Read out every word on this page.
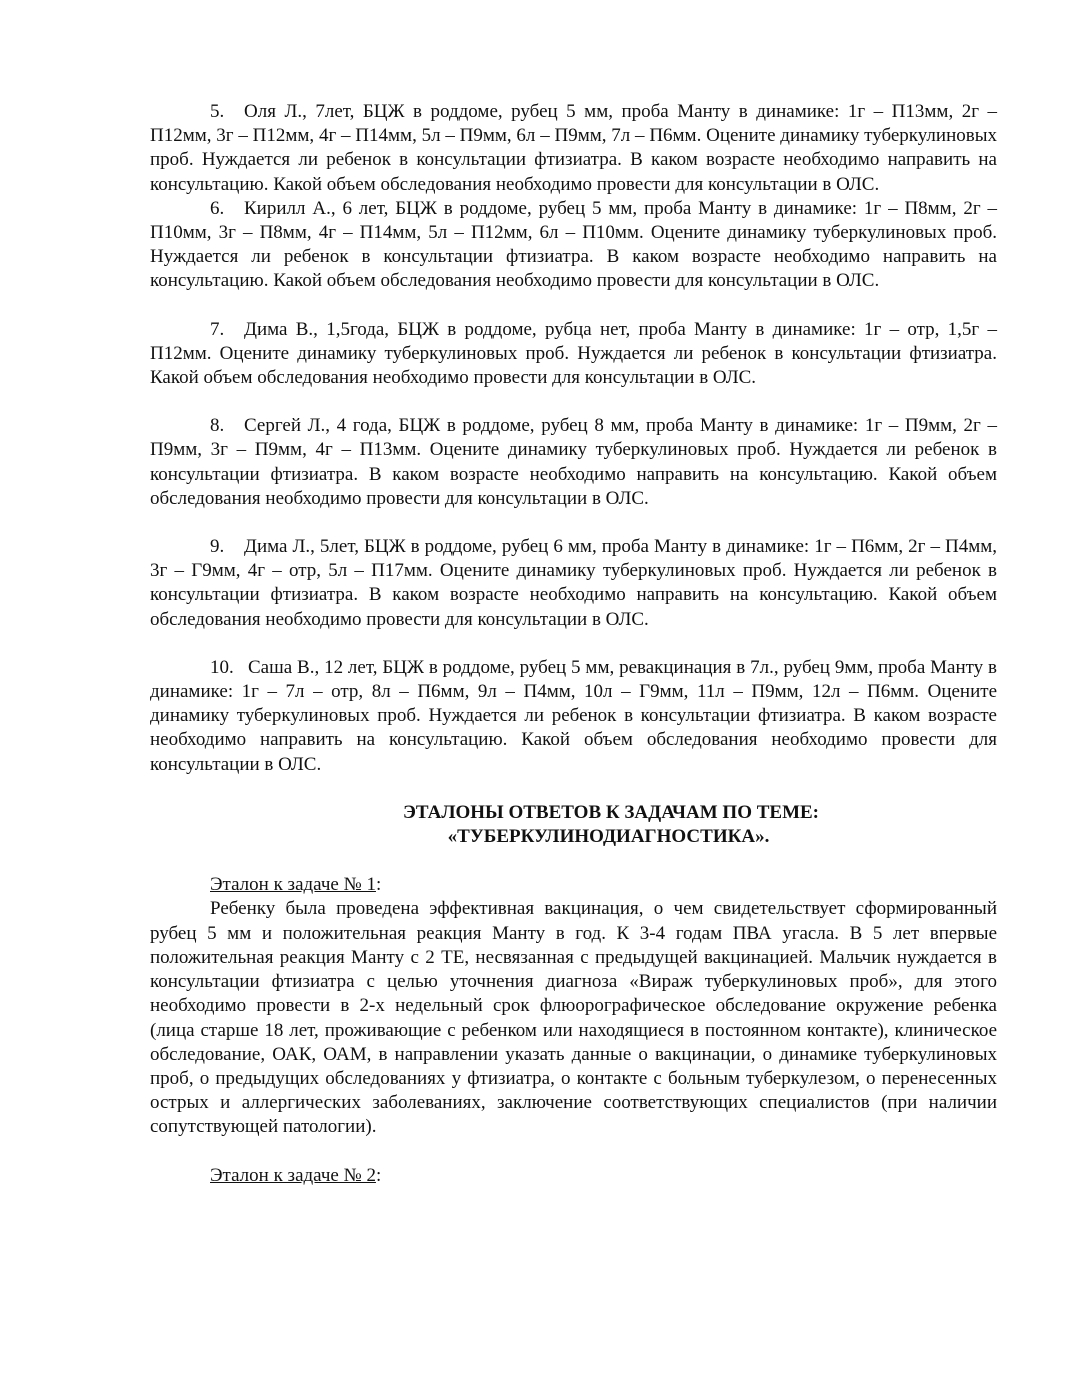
5. Оля Л., 7лет, БЦЖ в роддоме, рубец 5 мм, проба Манту в динамике: 1г – П13мм, 2г – П12мм, 3г – П12мм, 4г – П14мм, 5л – П9мм, 6л – П9мм, 7л – П6мм. Оцените динамику туберкулиновых проб. Нуждается ли ребенок в консультации фтизиатра. В каком возрасте необходимо направить на консультацию. Какой объем обследования необходимо провести для консультации в ОЛС.

6. Кирилл А., 6 лет, БЦЖ в роддоме, рубец 5 мм, проба Манту в динамике: 1г – П8мм, 2г – П10мм, 3г – П8мм, 4г – П14мм, 5л – П12мм, 6л – П10мм. Оцените динамику туберкулиновых проб. Нуждается ли ребенок в консультации фтизиатра. В каком возрасте необходимо направить на консультацию. Какой объем обследования необходимо провести для консультации в ОЛС.

7. Дима В., 1,5года, БЦЖ в роддоме, рубца нет, проба Манту в динамике: 1г – отр, 1,5г – П12мм. Оцените динамику туберкулиновых проб. Нуждается ли ребенок в консультации фтизиатра. Какой объем обследования необходимо провести для консультации в ОЛС.

8. Сергей Л., 4 года, БЦЖ в роддоме, рубец 8 мм, проба Манту в динамике: 1г – П9мм, 2г – П9мм, 3г – П9мм, 4г – П13мм. Оцените динамику туберкулиновых проб. Нуждается ли ребенок в консультации фтизиатра. В каком возрасте необходимо направить на консультацию. Какой объем обследования необходимо провести для консультации в ОЛС.

9. Дима Л., 5лет, БЦЖ в роддоме, рубец 6 мм, проба Манту в динамике: 1г – П6мм, 2г – П4мм, 3г – Г9мм, 4г – отр, 5л – П17мм. Оцените динамику туберкулиновых проб. Нуждается ли ребенок в консультации фтизиатра. В каком возрасте необходимо направить на консультацию. Какой объем обследования необходимо провести для консультации в ОЛС.

10. Саша В., 12 лет, БЦЖ в роддоме, рубец 5 мм, ревакцинация в 7л., рубец 9мм, проба Манту в динамике: 1г – 7л – отр, 8л – П6мм, 9л – П4мм, 10л – Г9мм, 11л – П9мм, 12л – П6мм. Оцените динамику туберкулиновых проб. Нуждается ли ребенок в консультации фтизиатра. В каком возрасте необходимо направить на консультацию. Какой объем обследования необходимо провести для консультации в ОЛС.

ЭТАЛОНЫ ОТВЕТОВ К ЗАДАЧАМ ПО ТЕМЕ:

«ТУБЕРКУЛИНОДИАГНОСТИКА».

Эталон к задаче № 1:

Ребенку была проведена эффективная вакцинация, о чем свидетельствует сформированный рубец 5 мм и положительная реакция Манту в год. К 3-4 годам ПВА угасла. В 5 лет впервые положительная реакция Манту с 2 ТЕ, несвязанная с предыдущей вакцинацией. Мальчик нуждается в консультации фтизиатра с целью уточнения диагноза «Вираж туберкулиновых проб», для этого необходимо провести в 2-х недельный срок флюорографическое обследование окружение ребенка (лица старше 18 лет, проживающие с ребенком или находящиеся в постоянном контакте), клиническое обследование, ОАК, ОАМ, в направлении указать данные о вакцинации, о динамике туберкулиновых проб, о предыдущих обследованиях у фтизиатра, о контакте с больным туберкулезом, о перенесенных острых и аллергических заболеваниях, заключение соответствующих специалистов (при наличии сопутствующей патологии).

Эталон к задаче № 2:
